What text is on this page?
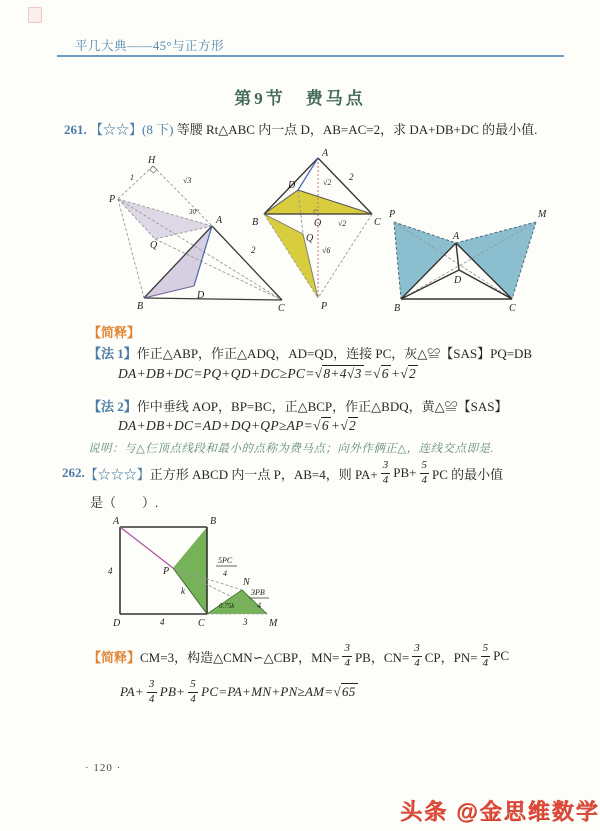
平几大典——45°与正方形
第9节　费马点
261. 【☆☆】(8 下) 等腰 Rt△ABC 内一点 D，AB=AC=2，求 DA+DB+DC 的最小值.
H
1	√3
P
30°
A
Q	2
B
D
C
A
√2
2
D
B	O √2	C
Q
√6
P
P	M
A
D
B	C
【简释】
【法 1】作正△ABP，作正△ADQ，AD=QD，连接 PC，灰△≌【SAS】PQ=DB
DA+DB+DC=PQ+QD+DC≥PC=√8+4√3 =√6 +√2
【法 2】作中垂线 AOP，BP=BC，正△BCP，作正△BDQ，黄△≌【SAS】
DA+DB+DC=AD+DQ+QP≥AP=√6 +√2
说明：与△仨顶点线段和最小的点称为费马点；向外作俩正△，连线交点即是.
262. 【☆☆☆】 正方形 ABCD 内一点 P，AB=4，则 $PA+ \frac{3}{4} PB+ \frac{5}{4}$ PC 的最小值
是（　　）.
A	B
D	C
P
N
M
4
4
k
3
0.75k
5PC
4
3PB
4
【简释】 CM=3，构造△CMN∽△CBP，$MN= \frac{3}{4}$ PB，$CN= \frac{3}{4}$ CP，$PN= \frac{5}{4}$ PC
$PA+ \frac{3}{4} PB+ \frac{5}{4} PC=PA+MN+PN\ge AM= √65$
· 120 ·
头条 @金思维数学
